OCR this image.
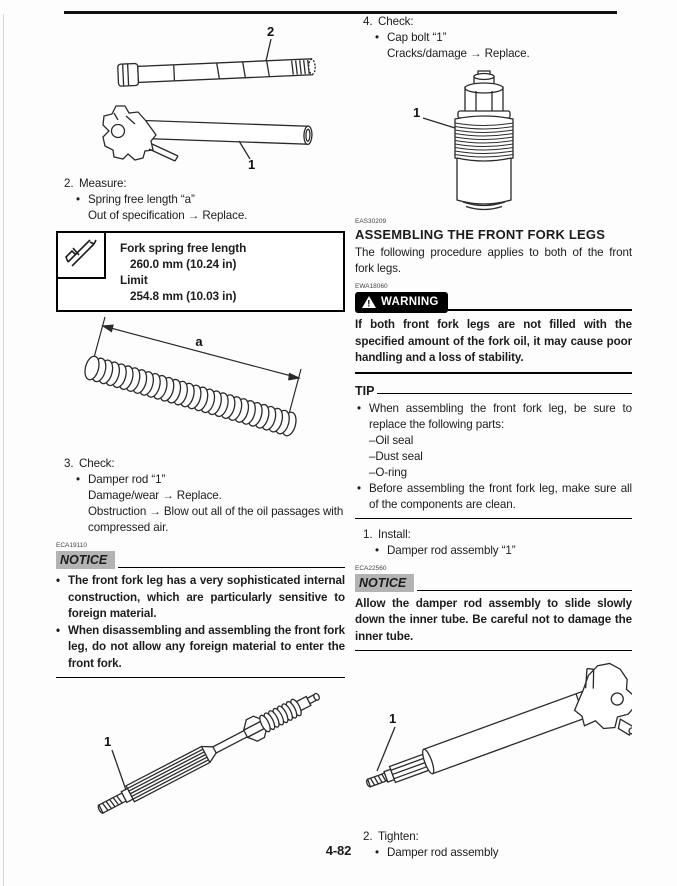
2
1
2. Measure:
• Spring free length “a”
Out of specification → Replace.
Fork spring free length
260.0 mm (10.24 in)
Limit
254.8 mm (10.03 in)
a
3. Check:
• Damper rod “1”
Damage/wear → Replace.
Obstruction → Blow out all of the oil passages with compressed air.
ECA19110
NOTICE
• The front fork leg has a very sophisticated internal construction, which are particularly sensitive to foreign material.
• When disassembling and assembling the front fork leg, do not allow any foreign material to enter the front fork.
1
4. Check:
• Cap bolt “1”
Cracks/damage → Replace.
1
EAS30209
ASSEMBLING THE FRONT FORK LEGS
The following procedure applies to both of the front fork legs.
EWA18060
! WARNING
If both front fork legs are not filled with the specified amount of the fork oil, it may cause poor handling and a loss of stability.
TIP
• When assembling the front fork leg, be sure to replace the following parts:
–Oil seal
–Dust seal
–O-ring
• Before assembling the front fork leg, make sure all of the components are clean.
1. Install:
• Damper rod assembly “1”
ECA22560
NOTICE
Allow the damper rod assembly to slide slowly down the inner tube. Be careful not to damage the inner tube.
1
2. Tighten:
• Damper rod assembly
4-82
